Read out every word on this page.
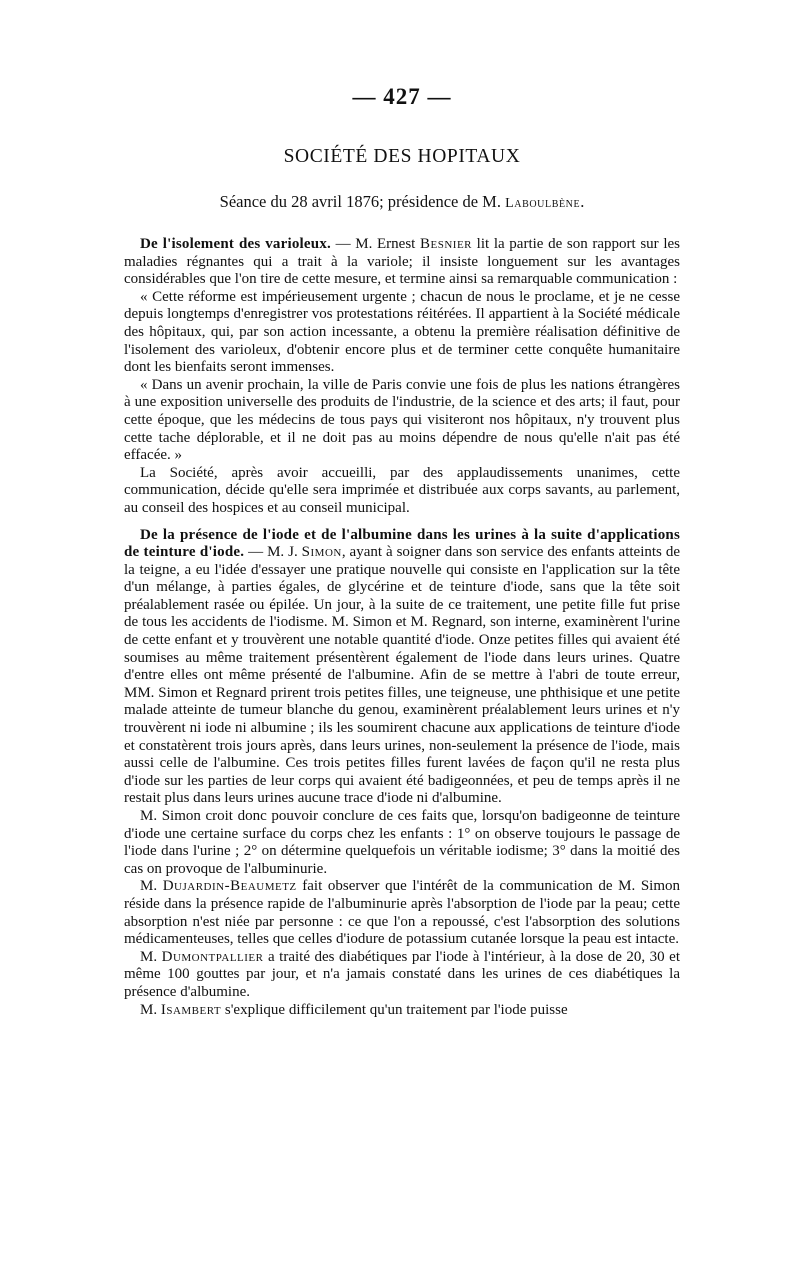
— 427 —
SOCIÉTÉ DES HOPITAUX
Séance du 28 avril 1876; présidence de M. Laboulbène.

De l'isolement des varioleux. — M. Ernest Besnier lit la partie de son rapport sur les maladies régnantes qui a trait à la variole; il insiste longuement sur les avantages considérables que l'on tire de cette mesure, et termine ainsi sa remarquable communication :

« Cette réforme est impérieusement urgente ; chacun de nous le proclame, et je ne cesse depuis longtemps d'enregistrer vos protestations réitérées. Il appartient à la Société médicale des hôpitaux, qui, par son action incessante, a obtenu la première réalisation définitive de l'isolement des varioleux, d'obtenir encore plus et de terminer cette conquête humanitaire dont les bienfaits seront immenses.

« Dans un avenir prochain, la ville de Paris convie une fois de plus les nations étrangères à une exposition universelle des produits de l'industrie, de la science et des arts; il faut, pour cette époque, que les médecins de tous pays qui visiteront nos hôpitaux, n'y trouvent plus cette tache déplorable, et il ne doit pas au moins dépendre de nous qu'elle n'ait pas été effacée. »

La Société, après avoir accueilli, par des applaudissements unanimes, cette communication, décide qu'elle sera imprimée et distribuée aux corps savants, au parlement, au conseil des hospices et au conseil municipal.

De la présence de l'iode et de l'albumine dans les urines à la suite d'applications de teinture d'iode. — M. J. Simon, ayant à soigner dans son service des enfants atteints de la teigne, a eu l'idée d'essayer une pratique nouvelle qui consiste en l'application sur la tête d'un mélange, à parties égales, de glycérine et de teinture d'iode, sans que la tête soit préalablement rasée ou épilée. Un jour, à la suite de ce traitement, une petite fille fut prise de tous les accidents de l'iodisme. M. Simon et M. Regnard, son interne, examinèrent l'urine de cette enfant et y trouvèrent une notable quantité d'iode. Onze petites filles qui avaient été soumises au même traitement présentèrent également de l'iode dans leurs urines. Quatre d'entre elles ont même présenté de l'albumine. Afin de se mettre à l'abri de toute erreur, MM. Simon et Regnard prirent trois petites filles, une teigneuse, une phthisique et une petite malade atteinte de tumeur blanche du genou, examinèrent préalablement leurs urines et n'y trouvèrent ni iode ni albumine ; ils les soumirent chacune aux applications de teinture d'iode et constatèrent trois jours après, dans leurs urines, non-seulement la présence de l'iode, mais aussi celle de l'albumine. Ces trois petites filles furent lavées de façon qu'il ne resta plus d'iode sur les parties de leur corps qui avaient été badigeonnées, et peu de temps après il ne restait plus dans leurs urines aucune trace d'iode ni d'albumine.

M. Simon croit donc pouvoir conclure de ces faits que, lorsqu'on badigeonne de teinture d'iode une certaine surface du corps chez les enfants : 1° on observe toujours le passage de l'iode dans l'urine ; 2° on détermine quelquefois un véritable iodisme; 3° dans la moitié des cas on provoque de l'albuminurie.

M. Dujardin-Beaumetz fait observer que l'intérêt de la communication de M. Simon réside dans la présence rapide de l'albuminurie après l'absorption de l'iode par la peau; cette absorption n'est niée par personne : ce que l'on a repoussé, c'est l'absorption des solutions médicamenteuses, telles que celles d'iodure de potassium cutanée lorsque la peau est intacte.

M. Dumontpallier a traité des diabétiques par l'iode à l'intérieur, à la dose de 20, 30 et même 100 gouttes par jour, et n'a jamais constaté dans les urines de ces diabétiques la présence d'albumine.

M. Isambert s'explique difficilement qu'un traitement par l'iode puisse
